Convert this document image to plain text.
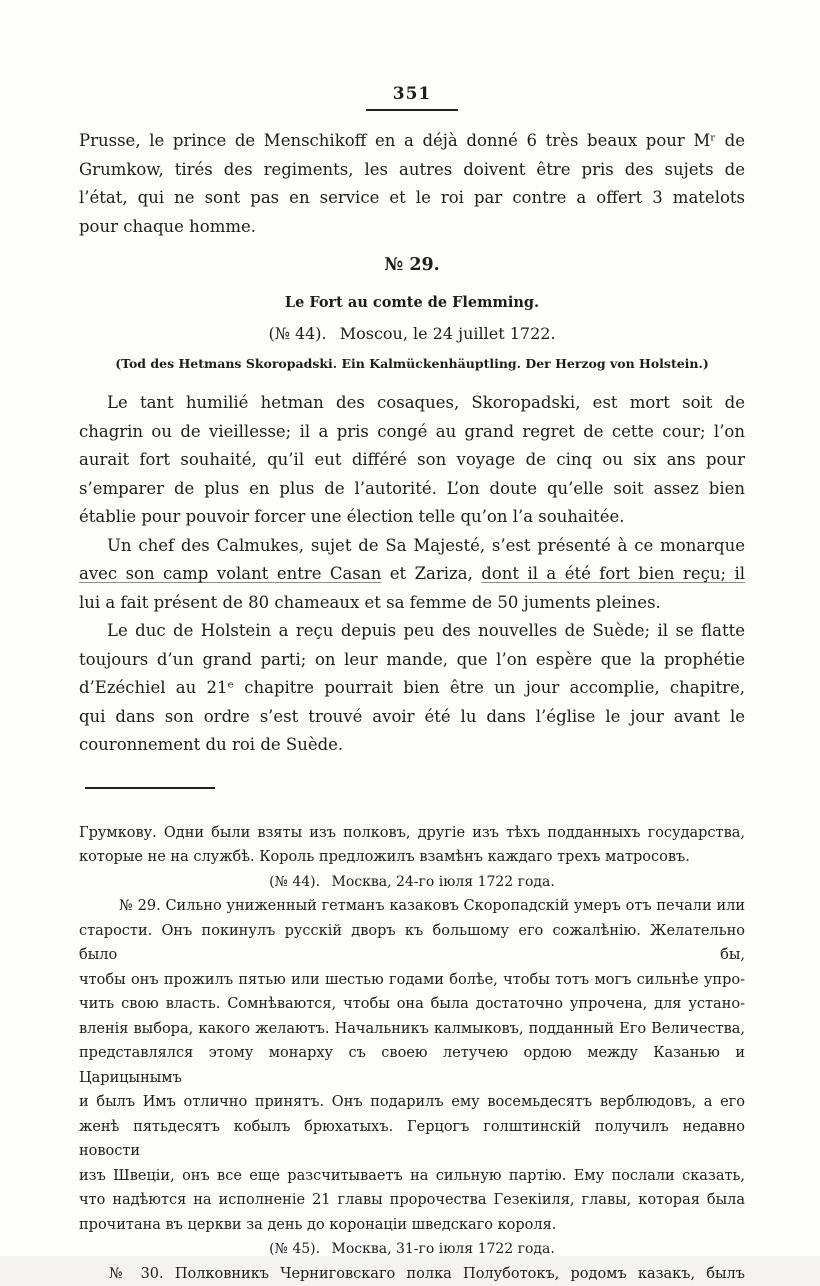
351
Prusse, le prince de Menschikoff en a déjà donné 6 très beaux pour Mʳ de
Grumkow, tirés des regiments, les autres doivent être pris des sujets de
l’état, qui ne sont pas en service et le roi par contre a offert 3 matelots
pour chaque homme.
№ 29.
Le Fort au comte de Flemming.
(№ 44).  Moscou, le 24 juillet 1722.
(Tod des Hetmans Skoropadski. Ein Kalmückenhäuptling. Der Herzog von Holstein.)
Le tant humilié hetman des cosaques, Skoropadski, est mort soit de
chagrin ou de vieillesse; il a pris congé au grand regret de cette cour; l’on
aurait fort souhaité, qu’il eut différé son voyage de cinq ou six ans pour
s’emparer de plus en plus de l’autorité. L’on doute qu’elle soit assez bien
établie pour pouvoir forcer une élection telle qu’on l’a souhaitée.
Un chef des Calmukes, sujet de Sa Majesté, s’est présenté à ce monarque
avec son camp volant entre Casan et Zariza, dont il a été fort bien reçu; il
lui a fait présent de 80 chameaux et sa femme de 50 juments pleines.
Le duc de Holstein a reçu depuis peu des nouvelles de Suède; il se flatte
toujours d’un grand parti; on leur mande, que l’on espère que la prophétie
d’Ezéchiel au 21ᵉ chapitre pourrait bien être un jour accomplie, chapitre,
qui dans son ordre s’est trouvé avoir été lu dans l’église le jour avant le
couronnement du roi de Suède.
Грумкову. Одни были взяты изъ полковъ, другіе изъ тѣхъ подданныхъ государства,
которые не на службѣ. Король предложилъ взамѣнъ каждаго трехъ матросовъ.
(№ 44).  Москва, 24-го іюля 1722 года.
№ 29. Сильно униженный гетманъ казаковъ Скоропадскій умеръ отъ печали или
старости. Онъ покинулъ русскій дворъ къ большому его сожалѣнію. Желательно было бы,
чтобы онъ прожилъ пятью или шестью годами болѣе, чтобы тотъ могъ сильнѣе упро-
чить свою власть. Сомнѣваются, чтобы она была достаточно упрочена, для устано-
вленія выбора, какого желаютъ. Начальникъ калмыковъ, подданный Его Величества,
представлялся этому монарху съ своею летучею ордою между Казанью и Царицынымъ
и былъ Имъ отлично принятъ. Онъ подарилъ ему восемьдесятъ верблюдовъ, а его
женѣ пятьдесятъ кобылъ брюхатыхъ. Герцогъ голштинскій получилъ недавно новости
изъ Швеціи, онъ все еще разсчитываетъ на сильную партію. Ему послали сказать,
что надѣются на исполненіе 21 главы пророчества Гезекіиля, главы, которая была
прочитана въ церкви за день до коронаціи шведскаго короля.
(№ 45).  Москва, 31-го іюля 1722 года.
№ 30. Полковникъ Черниговскаго полка Полуботокъ, родомъ казакъ, былъ
